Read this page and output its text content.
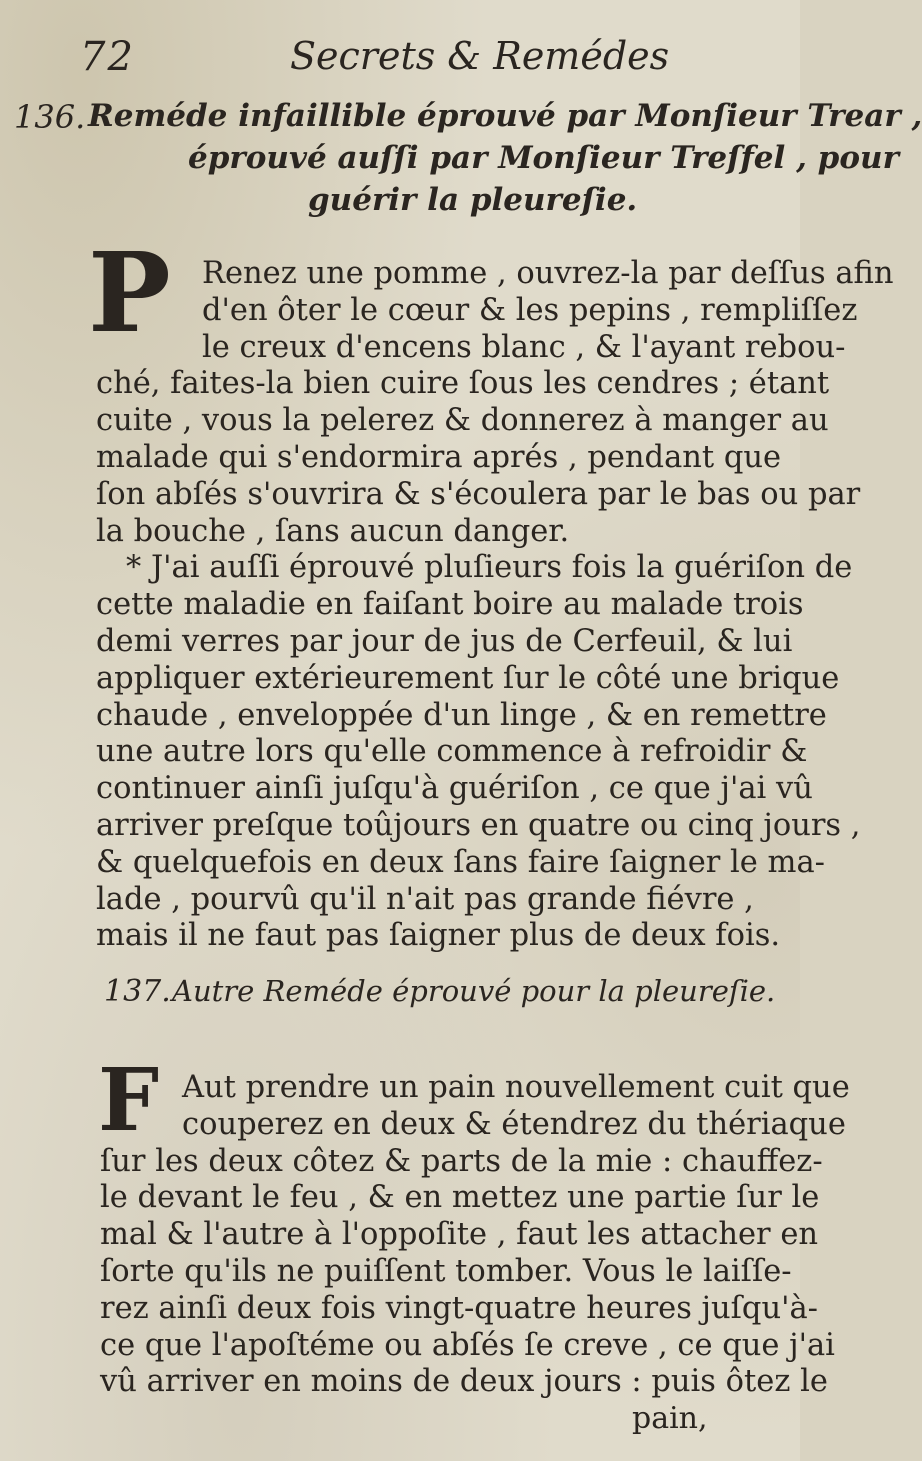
72	Secrets & Remédes
136. Reméde infaillible éprouvé par Monſieur Trear ,
éprouvé auſſi par Monſieur Treſfel , pour
guérir la pleureſie.
P	Renez une pomme , ouvrez-la par deſſus afin
d'en ôter le cœur & les pepins , rempliſſez
le creux d'encens blanc , & l'ayant rebou-
ché, faites-la bien cuire ſous les cendres ; étant
cuite , vous la pelerez & donnerez à manger au
malade qui s'endormira aprés , pendant que
ſon abſés s'ouvrira & s'écoulera par le bas ou par
la bouche , ſans aucun danger.
* J'ai auſſi éprouvé pluſieurs fois la guériſon de
cette maladie en faiſant boire au malade trois
demi verres par jour de jus de Cerfeuil, & lui
appliquer extérieurement ſur le côté une brique
chaude , enveloppée d'un linge , & en remettre
une autre lors qu'elle commence à refroidir &
continuer ainſi juſqu'à guériſon , ce que j'ai vû
arriver preſque toûjours en quatre ou cinq jours ,
& quelquefois en deux ſans faire ſaigner le ma-
lade , pourvû qu'il n'ait pas grande fiévre ,
mais il ne faut pas ſaigner plus de deux fois.
137. Autre Reméde éprouvé pour la pleureſie.
F Aut prendre un pain nouvellement cuit que
couperez en deux & étendrez du thériaque
ſur les deux côtez & parts de la mie : chauffez-
le devant le feu , & en mettez une partie ſur le
mal & l'autre à l'oppoſite , faut les attacher en
ſorte qu'ils ne puiſſent tomber. Vous le laiſſe-
rez ainſi deux fois vingt-quatre heures juſqu'à-
ce que l'apoſtéme ou abſés ſe creve , ce que j'ai
vû arriver en moins de deux jours : puis ôtez le
pain,
